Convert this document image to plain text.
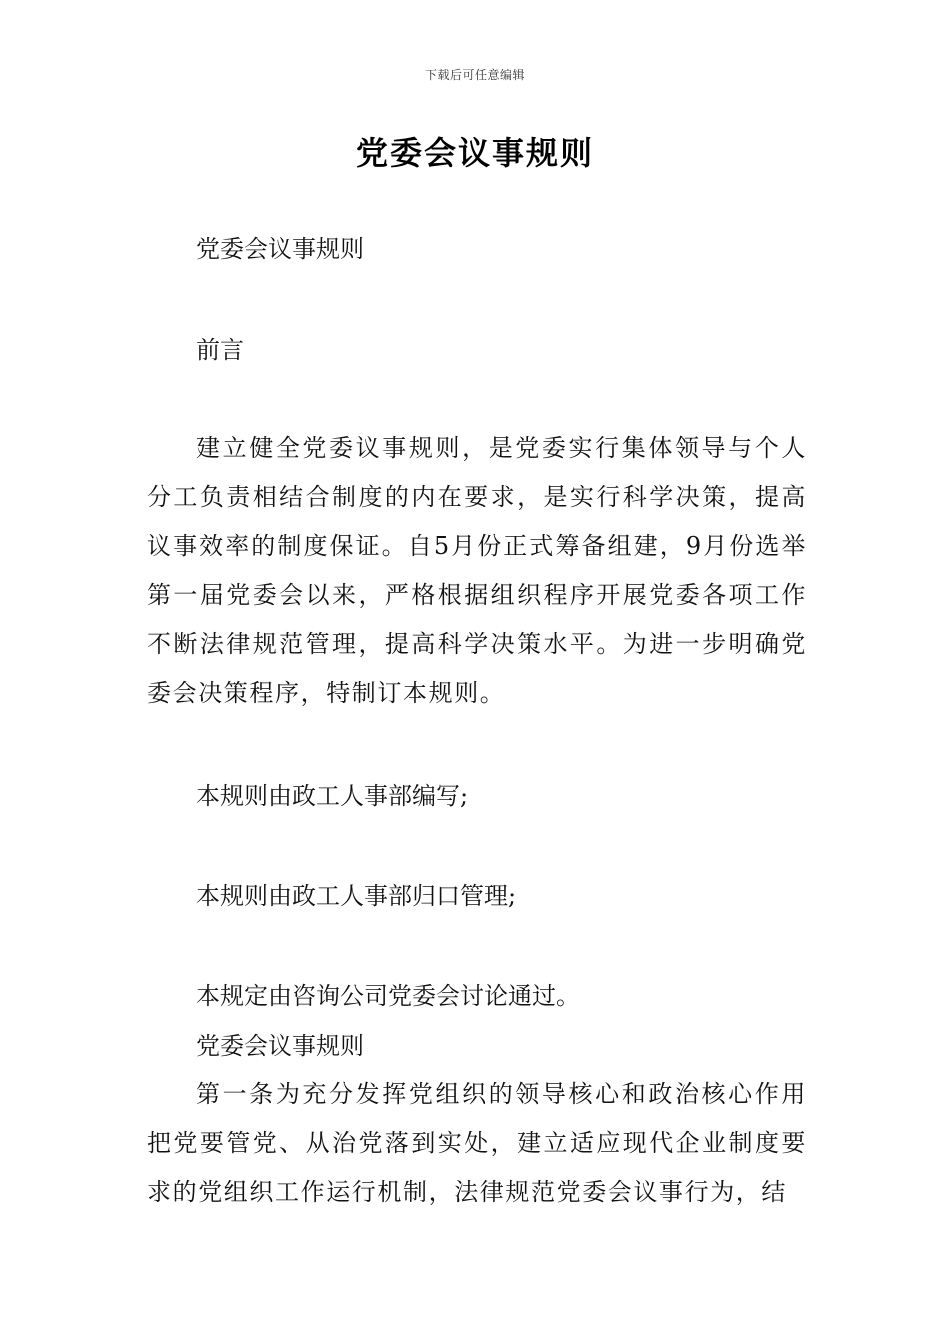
下载后可任意编辑
党委会议事规则
党委会议事规则
前言

建立健全党委议事规则，是党委实行集体领导与个人分工负责相结合制度的内在要求，是实行科学决策，提高议事效率的制度保证。自5月份正式筹备组建，9月份选举第一届党委会以来，严格根据组织程序开展党委各项工作不断法律规范管理，提高科学决策水平。为进一步明确党委会决策程序，特制订本规则。

本规则由政工人事部编写;
本规则由政工人事部归口管理;
本规定由咨询公司党委会讨论通过。
党委会议事规则

第一条为充分发挥党组织的领导核心和政治核心作用把党要管党、从治党落到实处，建立适应现代企业制度要求的党组织工作运行机制，法律规范党委会议事行为，结
